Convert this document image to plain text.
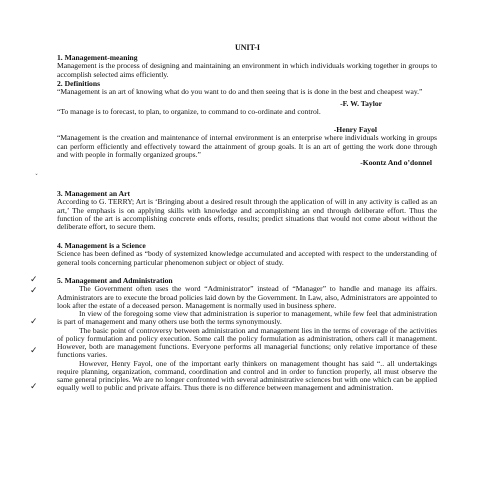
UNIT-I

1. Management-meaning

Management is the process of designing and maintaining an environment in which individuals working together in groups to accomplish selected aims efficiently.

2. Definitions

“Management is an art of knowing what do you want to do and then seeing that is is done in the best and cheapest way.”

-F. W. Taylor

“To manage is to forecast, to plan, to organize, to command to co-ordinate and control.

-Henry Fayol

“Management is the creation and maintenance of internal environment is an enterprise where individuals working in groups can perform efficiently and effectively toward the attainment of group goals. It is an art of getting the work done through and with people in formally organized groups.”

-Koontz And o’donnel

ˇ

3. Management an Art

According to G. TERRY; Art is ‘Bringing about a desired result through the application of will in any activity is called as an art,’ The emphasis is on applying skills with knowledge and accomplishing an end through deliberate effort. Thus the function of the art is accomplishing concrete ends efforts, results; predict situations that would not come about without the deliberate effort, to secure them.

4. Management is a Science

Science has been defined as “body of systemized knowledge accumulated and accepted with respect to the understanding of general tools concerning particular phenomenon subject or object of study.

5. Management and Administration

The Government often uses the word “Administrator” instead of “Manager” to handle and manage its affairs. Administrators are to execute the broad policies laid down by the Government. In Law, also, Administrators are appointed to look after the estate of a deceased person. Management is normally used in business sphere.

In view of the foregoing some view that administration is superior to management, while few feel that administration is part of management and many others use both the terms synonymously.

The basic point of controversy between administration and management lies in the terms of coverage of the activities of policy formulation and policy execution. Some call the policy formulation as administration, others call it management. However, both are management functions. Everyone performs all managerial functions; only relative importance of these functions varies.

However, Henry Fayol, one of the important early thinkers on management thought has said “.. all undertakings require planning, organization, command, coordination and control and in order to function properly, all must observe the same general principles. We are no longer confronted with several administrative sciences but with one which can be applied equally well to public and private affairs. Thus there is no difference between management and administration.

✓
✓
✓
✓
✓
